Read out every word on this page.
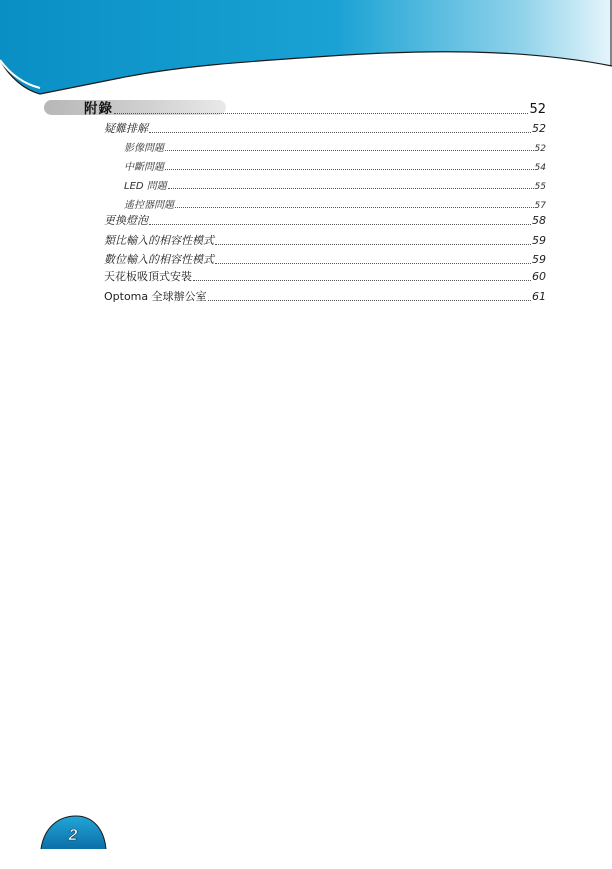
附錄	52
疑難排解	52
影像問題	52
中斷問題	54
LED 問題	55
遙控器問題	57
更換燈泡	58
類比輸入的相容性模式	59
數位輸入的相容性模式	59
天花板吸頂式安裝	60
Optoma 全球辦公室	61
2
